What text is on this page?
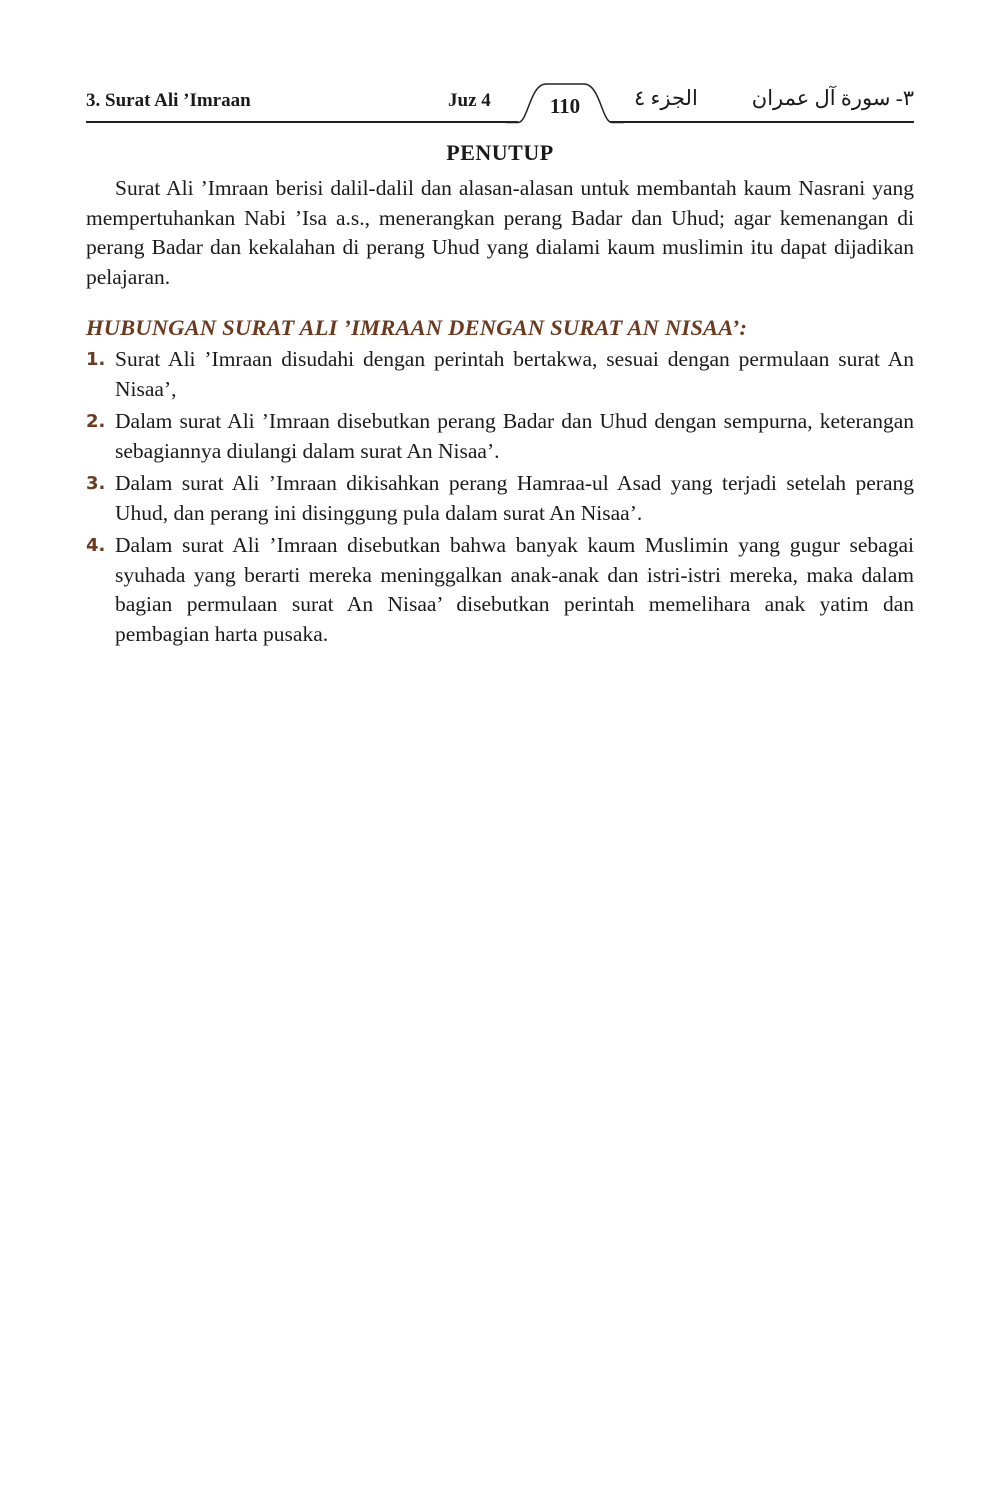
3. Surat Ali ’Imraan	Juz 4	110	الجزء ٤	٣- سورة آل عمران
PENUTUP

Surat Ali ’Imraan berisi dalil-dalil dan alasan-alasan untuk membantah kaum Nasrani yang mempertuhankan Nabi ’Isa a.s., menerangkan perang Badar dan Uhud; agar kemenangan di perang Badar dan kekalahan di perang Uhud yang dialami kaum muslimin itu dapat dijadikan pelajaran.

HUBUNGAN SURAT ALI ’IMRAAN DENGAN SURAT AN NISAA’:
1. Surat Ali ’Imraan disudahi dengan perintah bertakwa, sesuai dengan permulaan surat An Nisaa’,
2. Dalam surat Ali ’Imraan disebutkan perang Badar dan Uhud dengan sempurna, keterangan sebagiannya diulangi dalam surat An Nisaa’.
3. Dalam surat Ali ’Imraan dikisahkan perang Hamraa-ul Asad yang terjadi setelah perang Uhud, dan perang ini disinggung pula dalam surat An Nisaa’.
4. Dalam surat Ali ’Imraan disebutkan bahwa banyak kaum Muslimin yang gugur sebagai syuhada yang berarti mereka meninggalkan anak-anak dan istri-istri mereka, maka dalam bagian permulaan surat An Nisaa’ disebutkan perintah memelihara anak yatim dan pembagian harta pusaka.
